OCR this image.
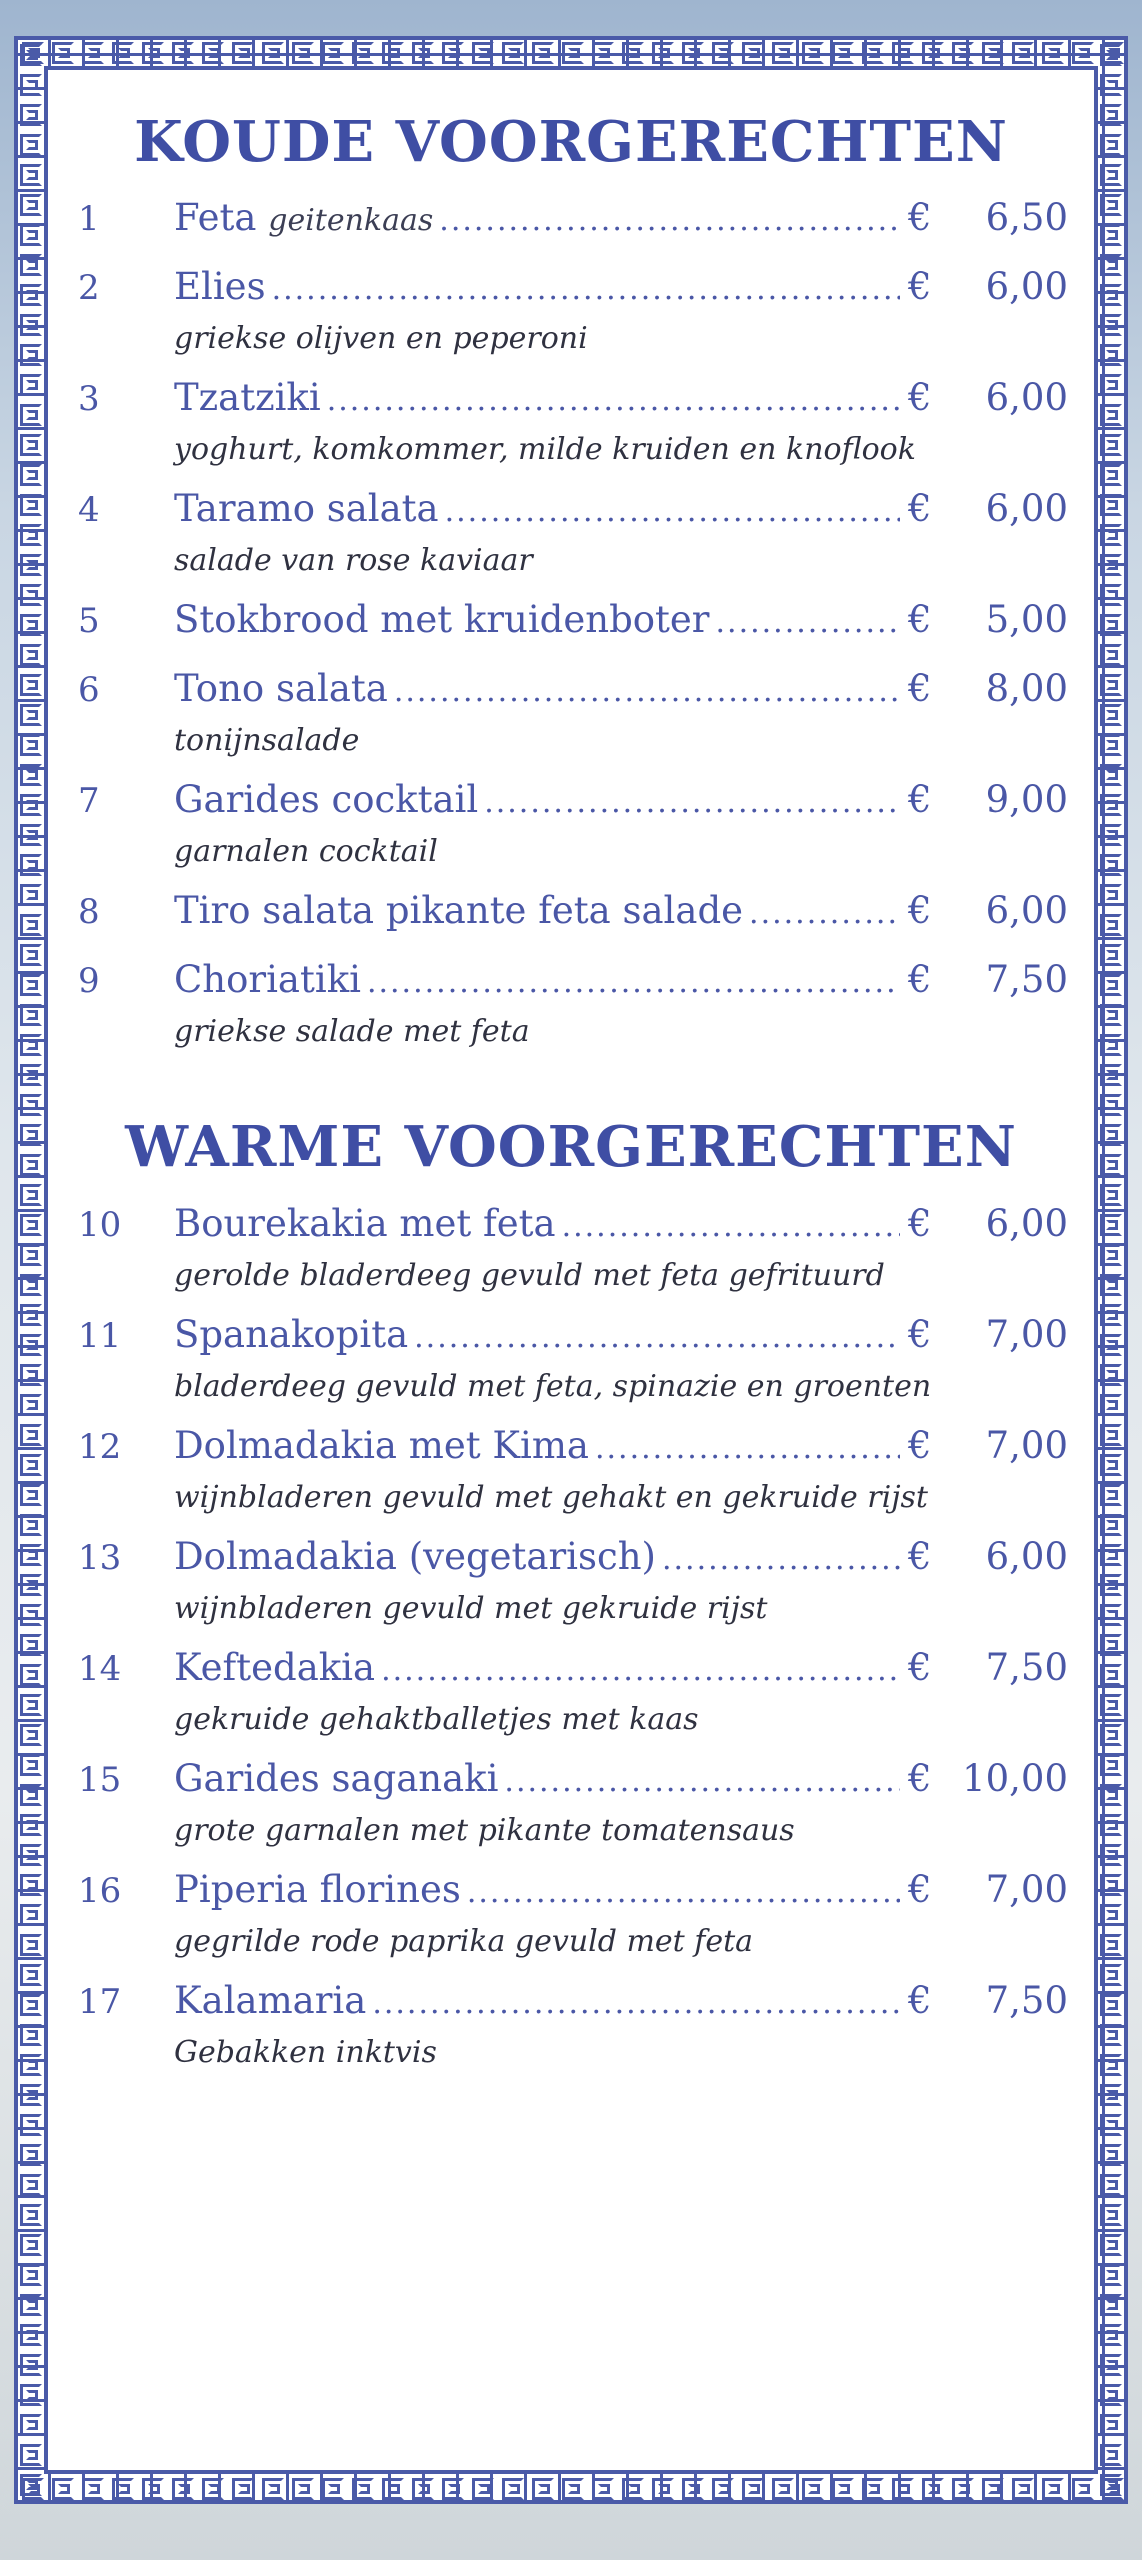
KOUDE VOORGERECHTEN
1	Feta geitenkaas .....	€	6,50
2	Elies .....	€	6,00
griekse olijven en peperoni
3	Tzatziki .....	€	6,00
yoghurt, komkommer, milde kruiden en knoflook
4	Taramo salata .....	€	6,00
salade van rose kaviaar
5	Stokbrood met kruidenboter .....	€	5,00
6	Tono salata .....	€	8,00
tonijnsalade
7	Garides cocktail .....	€	9,00
garnalen cocktail
8	Tiro salata pikante feta salade .....	€	6,00
9	Choriatiki .....	€	7,50
griekse salade met feta
WARME VOORGERECHTEN
10	Bourekakia met feta .....	€	6,00
gerolde bladerdeeg gevuld met feta gefrituurd
11	Spanakopita .....	€	7,00
bladerdeeg gevuld met feta, spinazie en groenten
12	Dolmadakia met Kima .....	€	7,00
wijnbladeren gevuld met gehakt en gekruide rijst
13	Dolmadakia (vegetarisch) .....	€	6,00
wijnbladeren gevuld met gekruide rijst
14	Keftedakia .....	€	7,50
gekruide gehaktballetjes met kaas
15	Garides saganaki .....	€ 10,00
grote garnalen met pikante tomatensaus
16	Piperia florines .....	€	7,00
gegrilde rode paprika gevuld met feta
17	Kalamaria .....	€	7,50
Gebakken inktvis
